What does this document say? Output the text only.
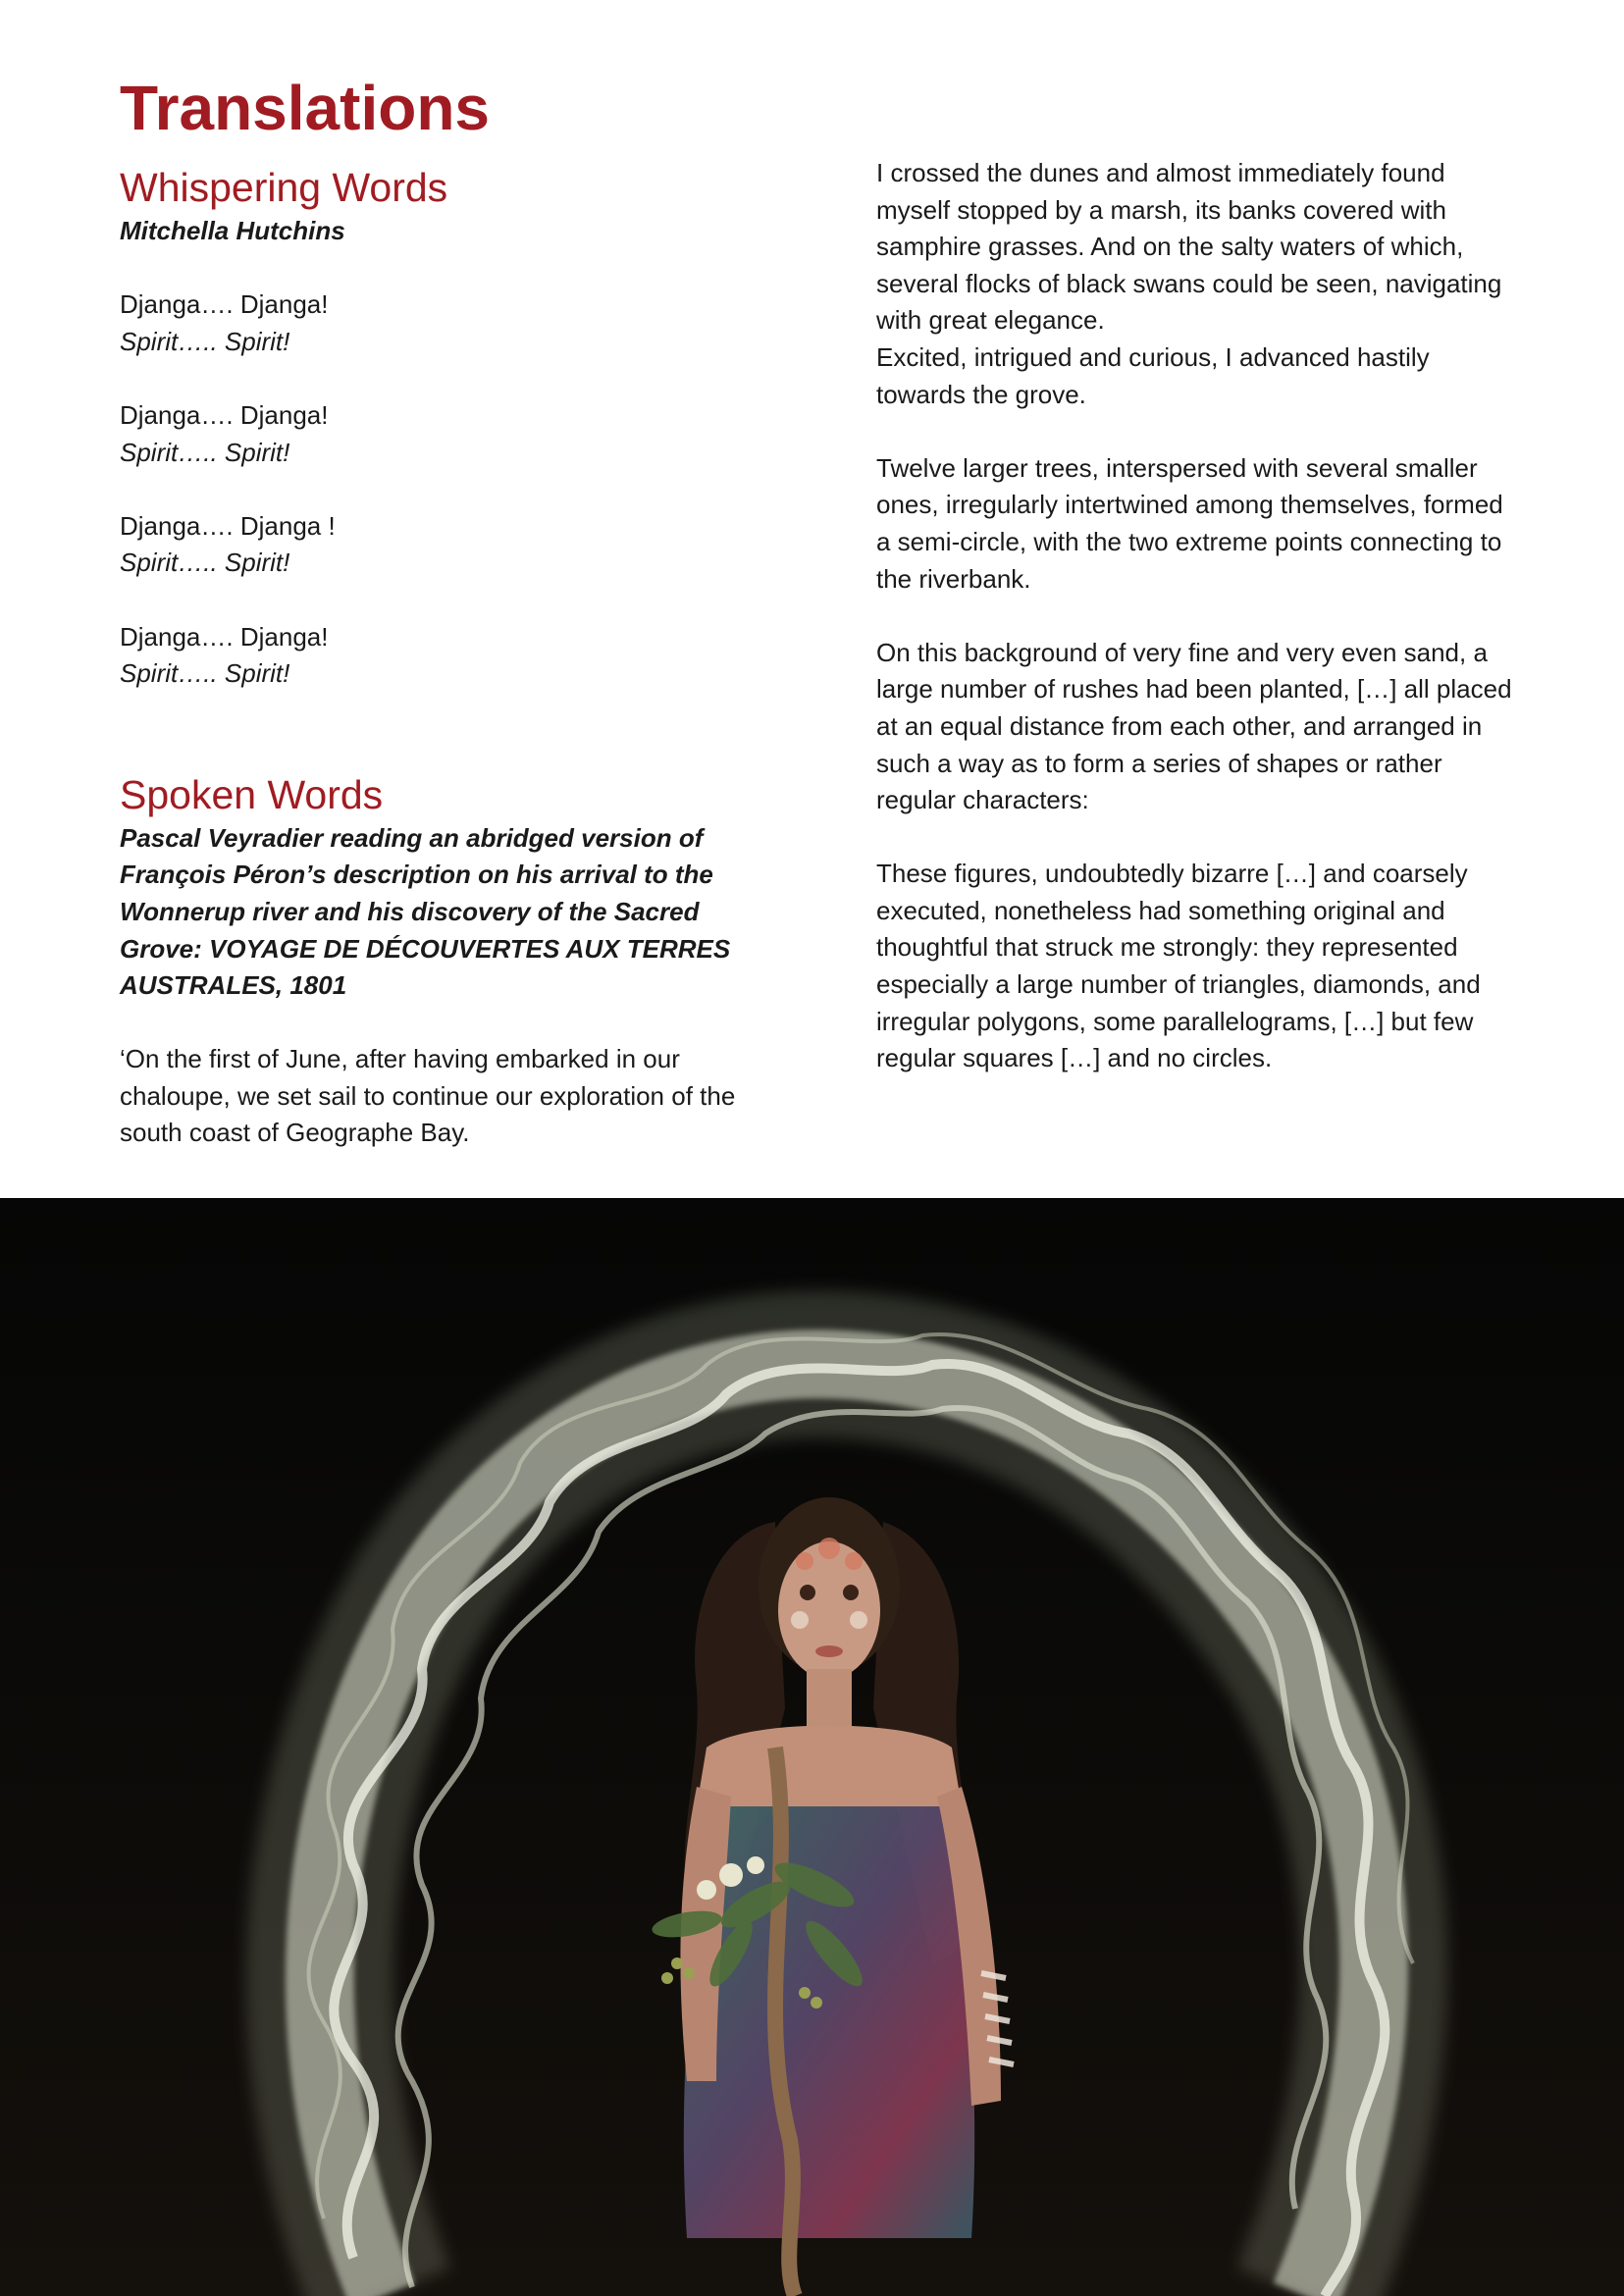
Translations
Whispering Words

Mitchella Hutchins

Djanga…. Djanga!

Spirit….. Spirit!

Djanga…. Djanga!

Spirit….. Spirit!

Djanga…. Djanga !

Spirit….. Spirit!

Djanga…. Djanga!

Spirit….. Spirit!

Spoken Words

Pascal Veyradier reading an abridged version of François Péron’s description on his arrival to the Wonnerup river and his discovery of the Sacred Grove: VOYAGE DE DÉCOUVERTES AUX TERRES AUSTRALES, 1801

‘On the first of June, after having embarked in our chaloupe, we set sail to continue our exploration of the south coast of Geographe Bay.

I crossed the dunes and almost immediately found myself stopped by a marsh, its banks covered with samphire grasses. And on the salty waters of which, several flocks of black swans could be seen, navigating with great elegance.

Excited, intrigued and curious, I advanced hastily towards the grove.

Twelve larger trees, interspersed with several smaller ones, irregularly intertwined among themselves, formed a semi-circle, with the two extreme points connecting to the riverbank.

On this background of very fine and very even sand, a large number of rushes had been planted, […] all placed at an equal distance from each other, and arranged in such a way as to form a series of shapes or rather regular characters:

These figures, undoubtedly bizarre […] and coarsely executed, nonetheless had something original and thoughtful that struck me strongly: they represented especially a large number of triangles, diamonds, and irregular polygons, some parallelograms, […] but few regular squares […] and no circles.
